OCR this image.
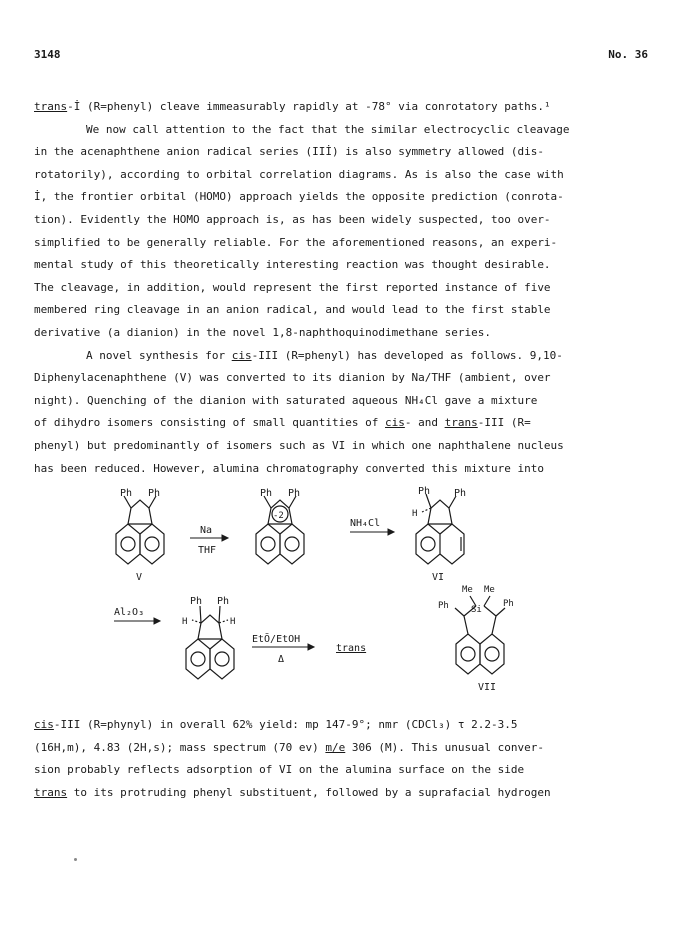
3148	No. 36
trans-İ (R=phenyl) cleave immeasurably rapidly at -78° via conrotatory paths.¹
We now call attention to the fact that the similar electrocyclic cleavage
in the acenaphthene anion radical series (IIİ) is also symmetry allowed (dis-
rotatorily), according to orbital correlation diagrams. As is also the case with
İ, the frontier orbital (HOMO) approach yields the opposite prediction (conrota-
tion). Evidently the HOMO approach is, as has been widely suspected, too over-
simplified to be generally reliable. For the aforementioned reasons, an experi-
mental study of this theoretically interesting reaction was thought desirable.
The cleavage, in addition, would represent the first reported instance of five
membered ring cleavage in an anion radical, and would lead to the first stable
derivative (a dianion) in the novel 1,8-naphthoquinodimethane series.
A novel synthesis for cis-III (R=phenyl) has developed as follows. 9,10-
Diphenylacenaphthene (V) was converted to its dianion by Na/THF (ambient, over
night). Quenching of the dianion with saturated aqueous NH₄Cl gave a mixture
of dihydro isomers consisting of small quantities of cis- and trans-III (R=
phenyl) but predominantly of isomers such as VI in which one naphthalene nucleus
has been reduced. However, alumina chromatography converted this mixture into
Ph Ph
V
Na
THF
Ph Ph
-2
NH₄Cl
Ph Ph
H
VI
Al₂O₃
Ph Ph
H	H
EtŌ/EtOH
Δ
trans
Me Me
Ph	Ph
Si
VII
cis-III (R=phynyl) in overall 62% yield: mp 147-9°; nmr (CDCl₃) τ 2.2-3.5
(16H,m), 4.83 (2H,s); mass spectrum (70 ev) m/e 306 (M). This unusual conver-
sion probably reflects adsorption of VI on the alumina surface on the side
trans to its protruding phenyl substituent, followed by a suprafacial hydrogen
